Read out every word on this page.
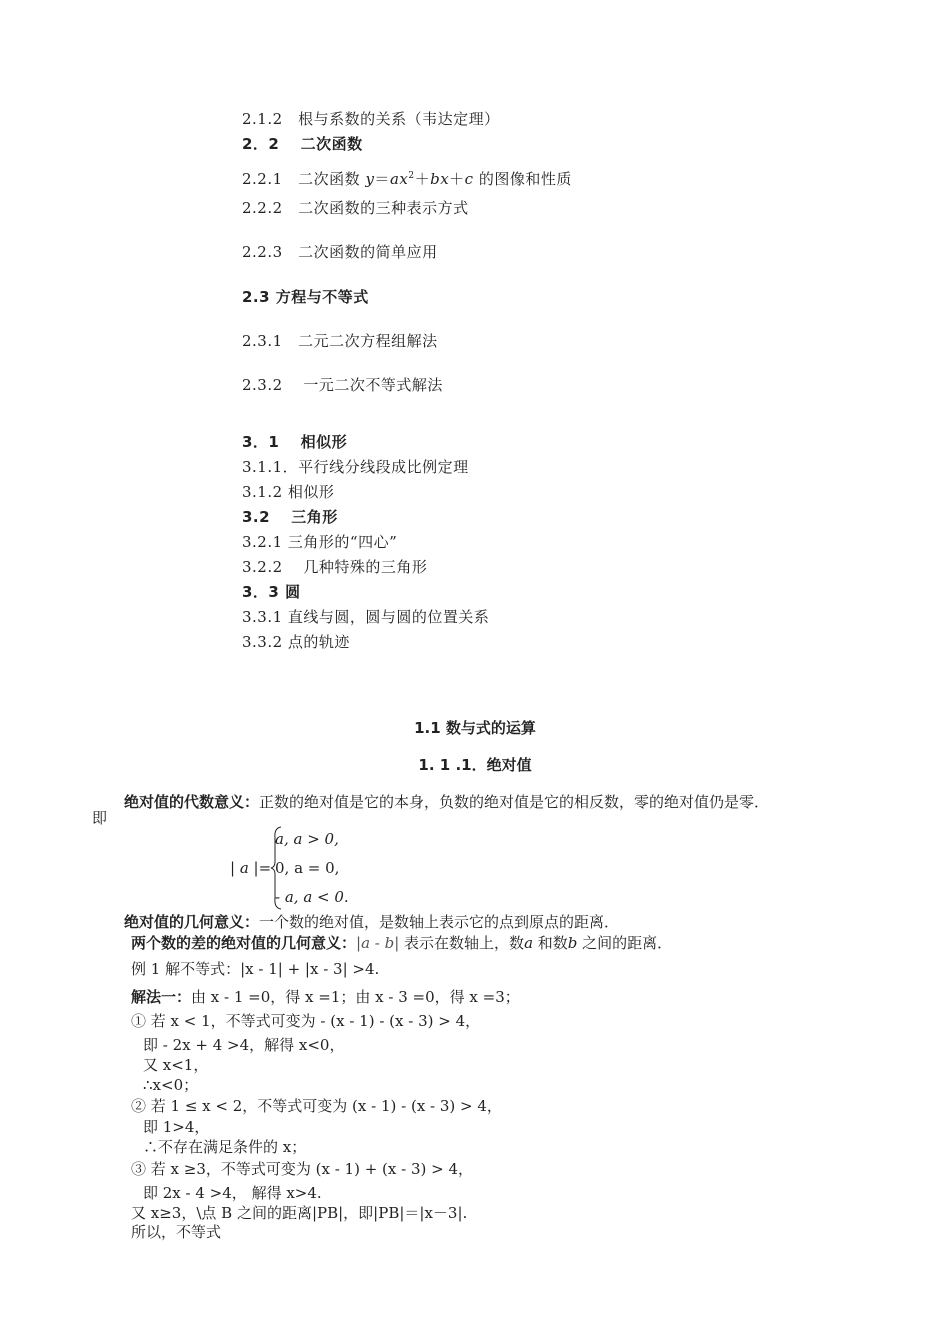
2.1.2　根与系数的关系（韦达定理）
2．2　 二次函数
2.2.1　二次函数 $y=ax^2+bx+c$ 的图像和性质
2.2.2　二次函数的三种表示方式
2.2.3　二次函数的简单应用
2.3 方程与不等式
2.3.1　二元二次方程组解法
2.3.2　 一元二次不等式解法
3．1　 相似形
3.1.1．平行线分线段成比例定理
3.1.2 相似形
3.2　 三角形
3.2.1 三角形的“四心”
3.2.2　 几种特殊的三角形
3．3 圆
3.3.1 直线与圆，圆与圆的位置关系
3.3.2 点的轨迹
1.1 数与式的运算
1. 1 .1．绝对值
绝对值的代数意义：正数的绝对值是它的本身，负数的绝对值是它的相反数，零的绝对值仍是零．
即
| a |=
a, a > 0,
0, a = 0,
- a, a < 0.
绝对值的几何意义：一个数的绝对值，是数轴上表示它的点到原点的距离．
两个数的差的绝对值的几何意义：|a - b| 表示在数轴上，数a 和数b 之间的距离．
例 1 解不等式：|x - 1| + |x - 3| >4.
解法一：由 x - 1 =0，得 x =1；由 x - 3 =0，得 x =3；
① 若 x < 1，不等式可变为 - (x - 1) - (x - 3) > 4，
即 - 2x + 4 >4，解得 x<0，
又 x<1，
∴x<0；
② 若 1 ≤ x < 2，不等式可变为 (x - 1) - (x - 3) > 4，
即 1>4，
∴不存在满足条件的 x；
③ 若 x ≥3，不等式可变为 (x - 1) + (x - 3) > 4，
即 2x - 4 >4， 解得 x>4.
又 x≥3，\点 B 之间的距离|PB|，即|PB|＝|x－3|.
所以，不等式
